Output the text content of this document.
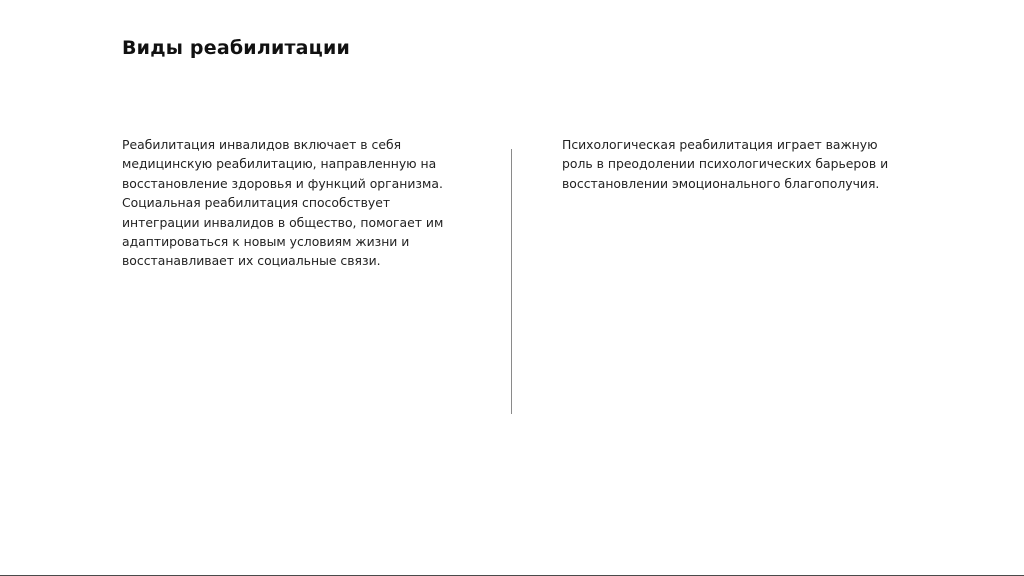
Виды реабилитации

Реабилитация инвалидов включает в себя медицинскую реабилитацию, направленную на восстановление здоровья и функций организма. Социальная реабилитация способствует интеграции инвалидов в общество, помогает им адаптироваться к новым условиям жизни и восстанавливает их социальные связи.

Психологическая реабилитация играет важную роль в преодолении психологических барьеров и восстановлении эмоционального благополучия.
